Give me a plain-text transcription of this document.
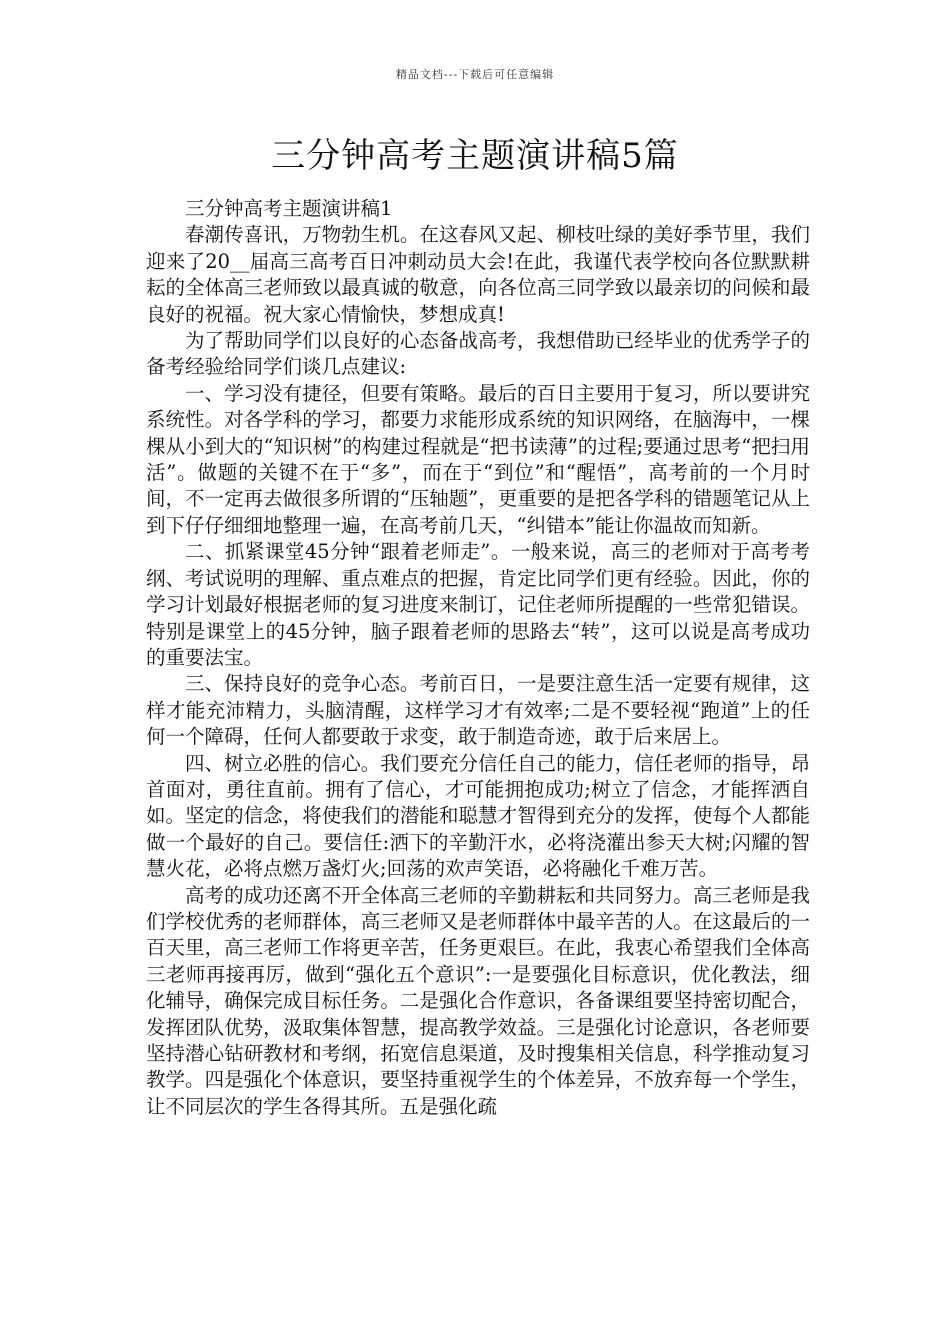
精品文档---下载后可任意编辑
三分钟高考主题演讲稿5篇

三分钟高考主题演讲稿1

春潮传喜讯，万物勃生机。在这春风又起、柳枝吐绿的美好季节里，我们迎来了20__届高三高考百日冲刺动员大会!在此，我谨代表学校向各位默默耕耘的全体高三老师致以最真诚的敬意，向各位高三同学致以最亲切的问候和最良好的祝福。祝大家心情愉快，梦想成真!

为了帮助同学们以良好的心态备战高考，我想借助已经毕业的优秀学子的备考经验给同学们谈几点建议:

一、学习没有捷径，但要有策略。最后的百日主要用于复习，所以要讲究系统性。对各学科的学习，都要力求能形成系统的知识网络，在脑海中，一棵棵从小到大的“知识树”的构建过程就是“把书读薄”的过程;要通过思考“把扫用活”。做题的关键不在于“多”，而在于“到位”和“醒悟”，高考前的一个月时间，不一定再去做很多所谓的“压轴题”，更重要的是把各学科的错题笔记从上到下仔仔细细地整理一遍，在高考前几天，“纠错本”能让你温故而知新。

二、抓紧课堂45分钟“跟着老师走”。一般来说，高三的老师对于高考考纲、考试说明的理解、重点难点的把握，肯定比同学们更有经验。因此，你的学习计划最好根据老师的复习进度来制订，记住老师所提醒的一些常犯错误。特别是课堂上的45分钟，脑子跟着老师的思路去“转”，这可以说是高考成功的重要法宝。

三、保持良好的竞争心态。考前百日，一是要注意生活一定要有规律，这样才能充沛精力，头脑清醒，这样学习才有效率;二是不要轻视“跑道”上的任何一个障碍，任何人都要敢于求变，敢于制造奇迹，敢于后来居上。

四、树立必胜的信心。我们要充分信任自己的能力，信任老师的指导，昂首面对，勇往直前。拥有了信心，才可能拥抱成功;树立了信念，才能挥洒自如。坚定的信念，将使我们的潜能和聪慧才智得到充分的发挥，使每个人都能做一个最好的自己。要信任:洒下的辛勤汗水，必将浇灌出参天大树;闪耀的智慧火花，必将点燃万盏灯火;回荡的欢声笑语，必将融化千难万苦。

高考的成功还离不开全体高三老师的辛勤耕耘和共同努力。高三老师是我们学校优秀的老师群体，高三老师又是老师群体中最辛苦的人。在这最后的一百天里，高三老师工作将更辛苦，任务更艰巨。在此，我衷心希望我们全体高三老师再接再厉，做到“强化五个意识”:一是要强化目标意识，优化教法，细化辅导，确保完成目标任务。二是强化合作意识，各备课组要坚持密切配合，发挥团队优势，汲取集体智慧，提高教学效益。三是强化讨论意识，各老师要坚持潜心钻研教材和考纲，拓宽信息渠道，及时搜集相关信息，科学推动复习教学。四是强化个体意识，要坚持重视学生的个体差异，不放弃每一个学生，让不同层次的学生各得其所。五是强化疏
